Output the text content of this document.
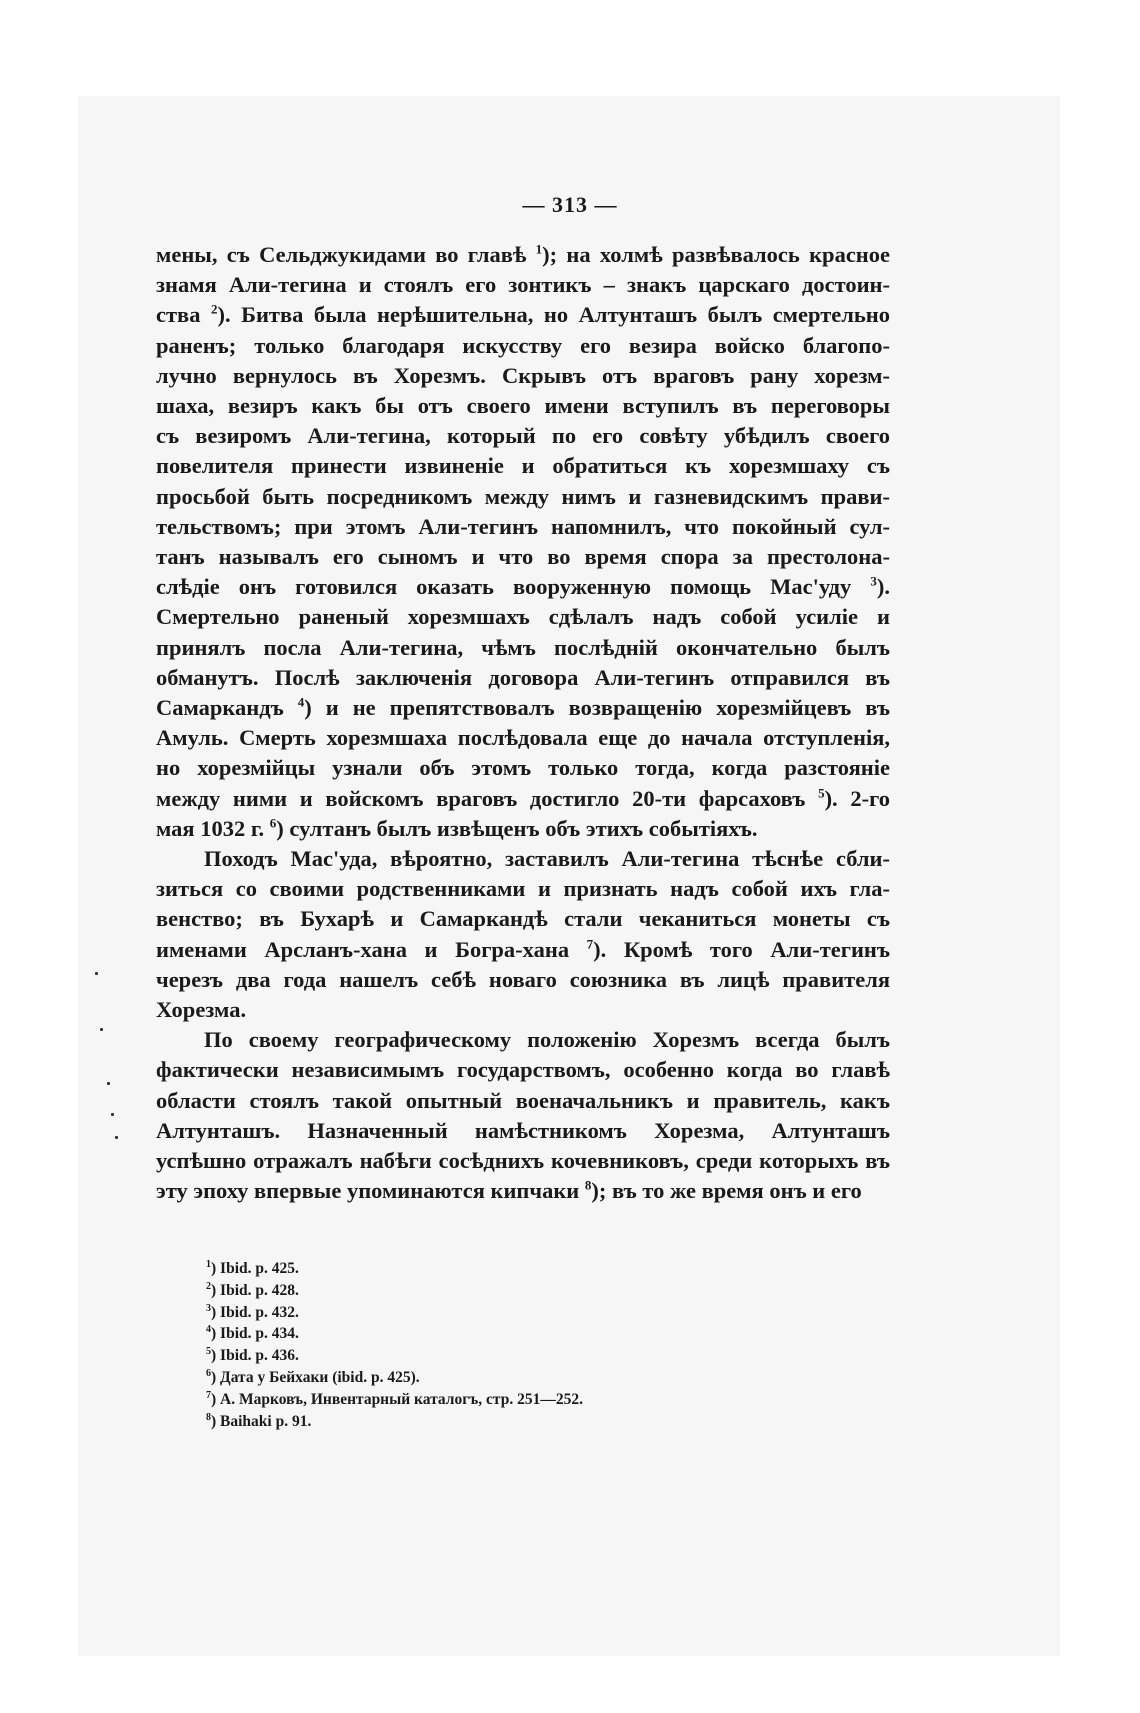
— 313 —
мены, съ Сельджукидами во главѣ $^1$); на холмѣ развѣвалось красное
знамя Али-тегина и стоялъ его зонтикъ – знакъ царскаго достоин-
ства $^2$). Битва была нерѣшительна, но Алтунташъ былъ смертельно
раненъ; только благодаря искусству его везира войско благопо-
лучно вернулось въ Хорезмъ. Скрывъ отъ враговъ рану хорезм-
шаха, везиръ какъ бы отъ своего имени вступилъ въ переговоры
съ везиромъ Али-тегина, который по его совѣту убѣдилъ своего
повелителя принести извиненіе и обратиться къ хорезмшаху съ
просьбой быть посредникомъ между нимъ и газневидскимъ прави-
тельствомъ; при этомъ Али-тегинъ напомнилъ, что покойный сул-
танъ называлъ его сыномъ и что во время спора за престолона-
слѣдіе онъ готовился оказать вооруженную помощь Мас'уду $^3$).
Смертельно раненый хорезмшахъ сдѣлалъ надъ собой усиліе и
принялъ посла Али-тегина, чѣмъ послѣдній окончательно былъ
обманутъ. Послѣ заключенія договора Али-тегинъ отправился въ
Самаркандъ $^4$) и не препятствовалъ возвращенію хорезмійцевъ въ
Амуль. Смерть хорезмшаха послѣдовала еще до начала отступленія,
но хорезмійцы узнали объ этомъ только тогда, когда разстояніе
между ними и войскомъ враговъ достигло 20-ти фарсаховъ $^5$). 2-го
мая 1032 г. $^6$) султанъ былъ извѣщенъ объ этихъ событіяхъ.
Походъ Мас'уда, вѣроятно, заставилъ Али-тегина тѣснѣе сбли-
зиться со своими родственниками и признать надъ собой ихъ гла-
венство; въ Бухарѣ и Самаркандѣ стали чеканиться монеты съ
именами Арсланъ-хана и Богра-хана $^7$). Кромѣ того Али-тегинъ
черезъ два года нашелъ себѣ новаго союзника въ лицѣ правителя
Хорезма.
По своему географическому положенію Хорезмъ всегда былъ
фактически независимымъ государствомъ, особенно когда во главѣ
области стоялъ такой опытный военачальникъ и правитель, какъ
Алтунташъ. Назначенный намѣстникомъ Хорезма, Алтунташъ
успѣшно отражалъ набѣги сосѣднихъ кочевниковъ, среди которыхъ въ
эту эпоху впервые упоминаются кипчаки $^8$); въ то же время онъ и его
$^1$) Ibid. p. 425.
$^2$) Ibid. p. 428.
$^3$) Ibid. p. 432.
$^4$) Ibid. p. 434.
$^5$) Ibid. p. 436.
$^6$) Дата у Бейхаки (ibid. p. 425).
$^7$) А. Марковъ, Инвентарный каталогъ, стр. 251—252.
$^8$) Baihaki p. 91.
